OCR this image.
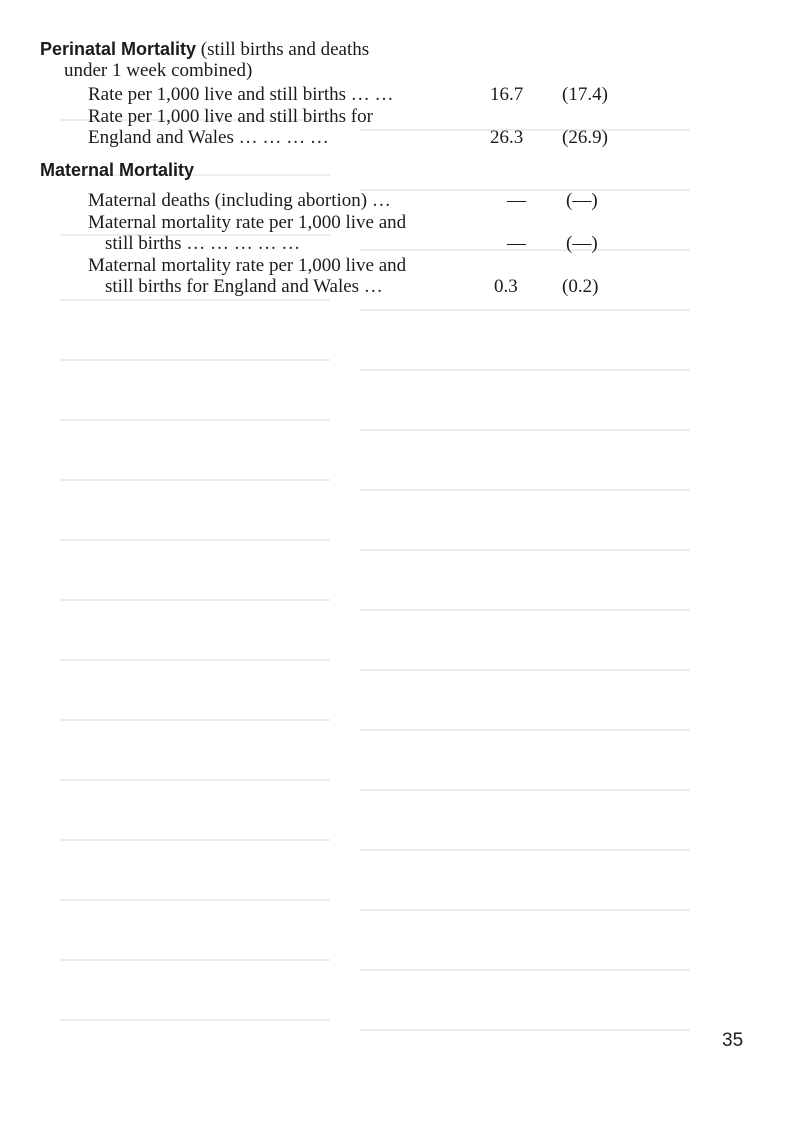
Perinatal Mortality (still births and deaths
under 1 week combined)
Rate per 1,000 live and still births … …	16.7 (17.4)
Rate per 1,000 live and still births for
England and Wales … … … …	26.3 (26.9)
Maternal Mortality
Maternal deaths (including abortion) …	— (—)
Maternal mortality rate per 1,000 live and
still births … … … … …	— (—)
Maternal mortality rate per 1,000 live and
still births for England and Wales …	0.3 (0.2)
35
